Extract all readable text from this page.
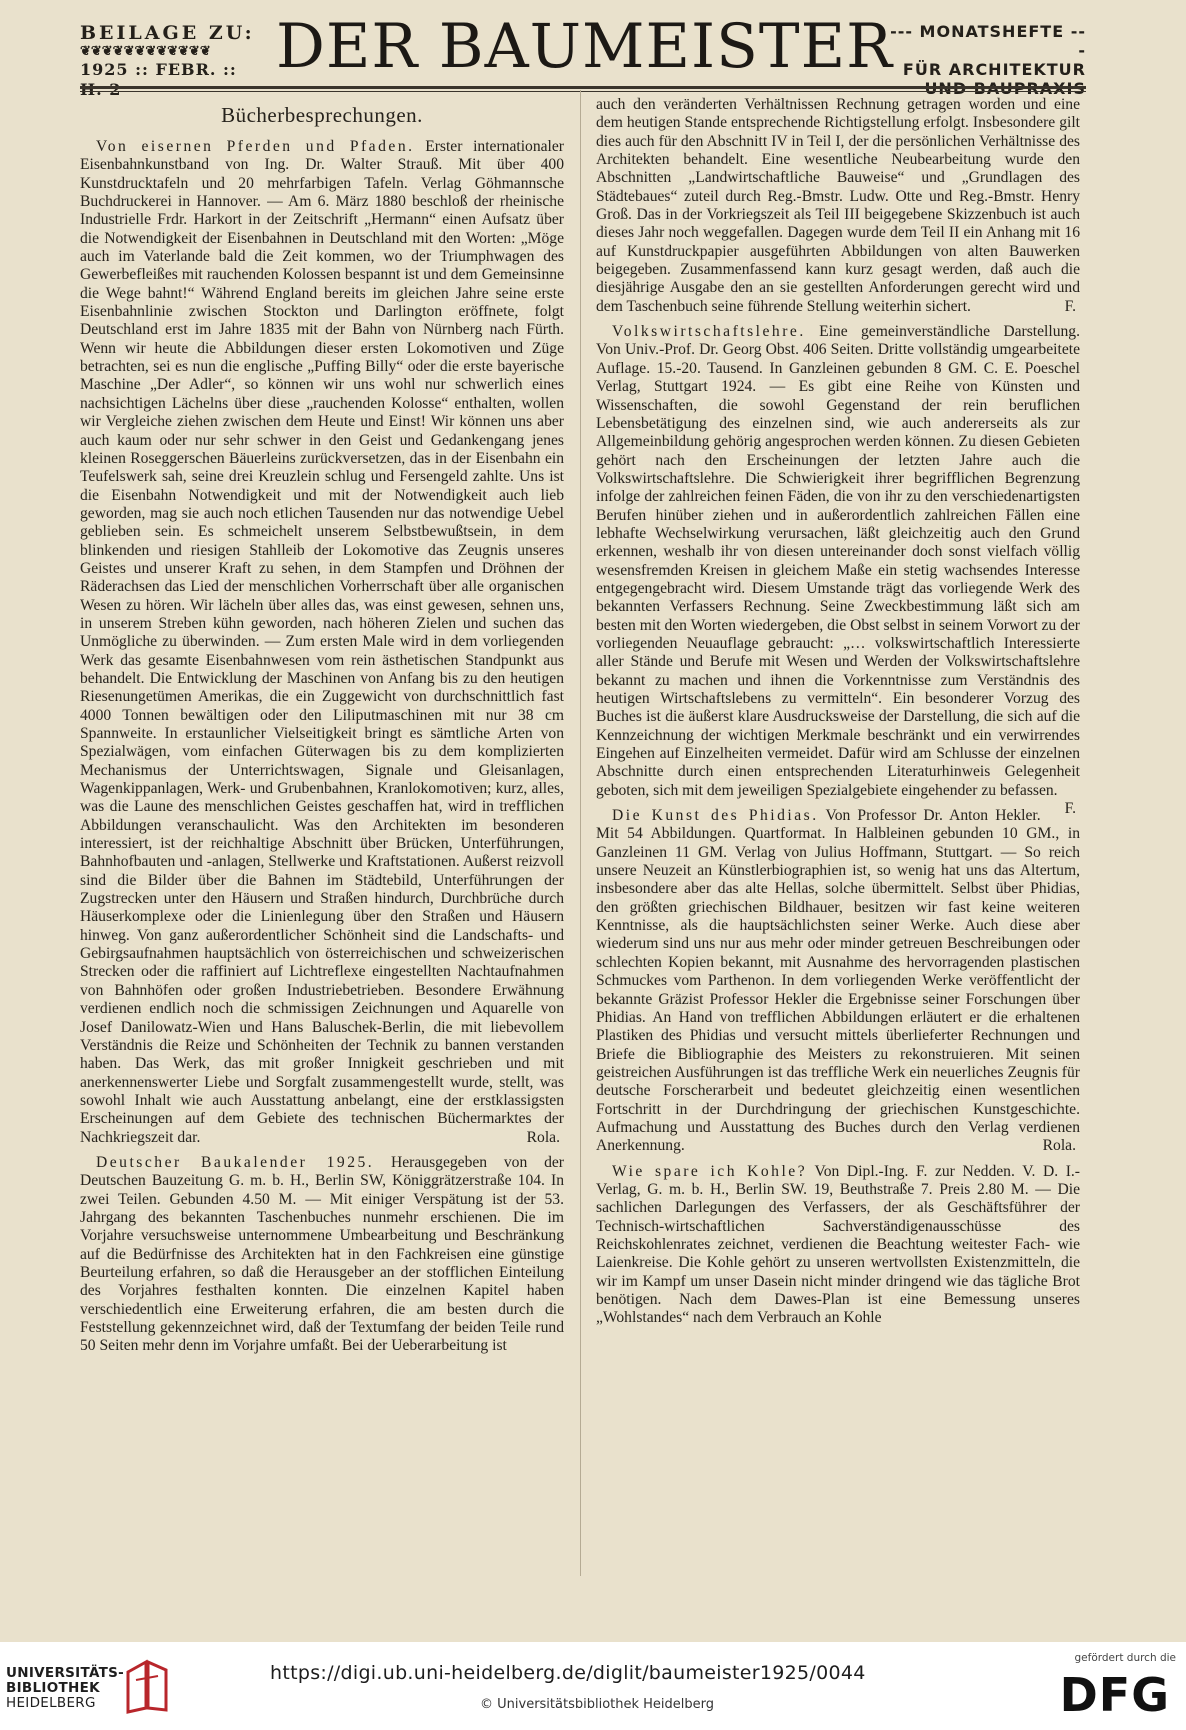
BEILAGE ZU:
❦❦❦❦❦❦❦❦❦❦❦❦
1925 :: FEBR. :: H. 2
DER BAUMEISTER
--- MONATSHEFTE ---
FÜR ARCHITEKTUR
UND BAUPRAXIS
Bücherbesprechungen.

Von eisernen Pferden und Pfaden. Erster internationaler Eisenbahnkunstband von Ing. Dr. Walter Strauß. Mit über 400 Kunstdrucktafeln und 20 mehrfarbigen Tafeln. Verlag Göhmannsche Buchdruckerei in Hannover. — Am 6. März 1880 beschloß der rheinische Industrielle Frdr. Harkort in der Zeitschrift „Hermann“ einen Aufsatz über die Notwendigkeit der Eisenbahnen in Deutschland mit den Worten: „Möge auch im Vaterlande bald die Zeit kommen, wo der Triumphwagen des Gewerbefleißes mit rauchenden Kolossen bespannt ist und dem Gemeinsinne die Wege bahnt!“ Während England bereits im gleichen Jahre seine erste Eisenbahnlinie zwischen Stockton und Darlington eröffnete, folgt Deutschland erst im Jahre 1835 mit der Bahn von Nürnberg nach Fürth. Wenn wir heute die Abbildungen dieser ersten Lokomotiven und Züge betrachten, sei es nun die englische „Puffing Billy“ oder die erste bayerische Maschine „Der Adler“, so können wir uns wohl nur schwerlich eines nachsichtigen Lächelns über diese „rauchenden Kolosse“ enthalten, wollen wir Vergleiche ziehen zwischen dem Heute und Einst! Wir können uns aber auch kaum oder nur sehr schwer in den Geist und Gedankengang jenes kleinen Roseggerschen Bäuerleins zurückversetzen, das in der Eisenbahn ein Teufelswerk sah, seine drei Kreuzlein schlug und Fersengeld zahlte. Uns ist die Eisenbahn Notwendigkeit und mit der Notwendigkeit auch lieb geworden, mag sie auch noch etlichen Tausenden nur das notwendige Uebel geblieben sein. Es schmeichelt unserem Selbstbewußtsein, in dem blinkenden und riesigen Stahlleib der Lokomotive das Zeugnis unseres Geistes und unserer Kraft zu sehen, in dem Stampfen und Dröhnen der Räderachsen das Lied der menschlichen Vorherrschaft über alle organischen Wesen zu hören. Wir lächeln über alles das, was einst gewesen, sehnen uns, in unserem Streben kühn geworden, nach höheren Zielen und suchen das Unmögliche zu überwinden. — Zum ersten Male wird in dem vorliegenden Werk das gesamte Eisenbahnwesen vom rein ästhetischen Standpunkt aus behandelt. Die Entwicklung der Maschinen von Anfang bis zu den heutigen Riesenungetümen Amerikas, die ein Zuggewicht von durchschnittlich fast 4000 Tonnen bewältigen oder den Liliputmaschinen mit nur 38 cm Spannweite. In erstaunlicher Vielseitigkeit bringt es sämtliche Arten von Spezialwägen, vom einfachen Güterwagen bis zu dem komplizierten Mechanismus der Unterrichtswagen, Signale und Gleisanlagen, Wagenkippanlagen, Werk- und Grubenbahnen, Kranlokomotiven; kurz, alles, was die Laune des menschlichen Geistes geschaffen hat, wird in trefflichen Abbildungen veranschaulicht. Was den Architekten im besonderen interessiert, ist der reichhaltige Abschnitt über Brücken, Unterführungen, Bahnhofbauten und -anlagen, Stellwerke und Kraftstationen. Außerst reizvoll sind die Bilder über die Bahnen im Städtebild, Unterführungen der Zugstrecken unter den Häusern und Straßen hindurch, Durchbrüche durch Häuserkomplexe oder die Linienlegung über den Straßen und Häusern hinweg. Von ganz außerordentlicher Schönheit sind die Landschafts- und Gebirgsaufnahmen hauptsächlich von österreichischen und schweizerischen Strecken oder die raffiniert auf Lichtreflexe eingestellten Nachtaufnahmen von Bahnhöfen oder großen Industriebetrieben. Besondere Erwähnung verdienen endlich noch die schmissigen Zeichnungen und Aquarelle von Josef Danilowatz-Wien und Hans Baluschek-Berlin, die mit liebevollem Verständnis die Reize und Schönheiten der Technik zu bannen verstanden haben. Das Werk, das mit großer Innigkeit geschrieben und mit anerkennenswerter Liebe und Sorgfalt zusammengestellt wurde, stellt, was sowohl Inhalt wie auch Ausstattung anbelangt, eine der erstklassigsten Erscheinungen auf dem Gebiete des technischen Büchermarktes der Nachkriegszeit dar.	Rola.

Deutscher Baukalender 1925. Herausgegeben von der Deutschen Bauzeitung G. m. b. H., Berlin SW, Königgrätzerstraße 104. In zwei Teilen. Gebunden 4.50 M. — Mit einiger Verspätung ist der 53. Jahrgang des bekannten Taschenbuches nunmehr erschienen. Die im Vorjahre versuchsweise unternommene Umbearbeitung und Beschränkung auf die Bedürfnisse des Architekten hat in den Fachkreisen eine günstige Beurteilung erfahren, so daß die Herausgeber an der stofflichen Einteilung des Vorjahres festhalten konnten. Die einzelnen Kapitel haben verschiedentlich eine Erweiterung erfahren, die am besten durch die Feststellung gekennzeichnet wird, daß der Textumfang der beiden Teile rund 50 Seiten mehr denn im Vorjahre umfaßt. Bei der Ueberarbeitung ist

auch den veränderten Verhältnissen Rechnung getragen worden und eine dem heutigen Stande entsprechende Richtigstellung erfolgt. Insbesondere gilt dies auch für den Abschnitt IV in Teil I, der die persönlichen Verhältnisse des Architekten behandelt. Eine wesentliche Neubearbeitung wurde den Abschnitten „Landwirtschaftliche Bauweise“ und „Grundlagen des Städtebaues“ zuteil durch Reg.-Bmstr. Ludw. Otte und Reg.-Bmstr. Henry Groß. Das in der Vorkriegszeit als Teil III beigegebene Skizzenbuch ist auch dieses Jahr noch weggefallen. Dagegen wurde dem Teil II ein Anhang mit 16 auf Kunstdruckpapier ausgeführten Abbildungen von alten Bauwerken beigegeben. Zusammenfassend kann kurz gesagt werden, daß auch die diesjährige Ausgabe den an sie gestellten Anforderungen gerecht wird und dem Taschenbuch seine führende Stellung weiterhin sichert.	F.

Volkswirtschaftslehre. Eine gemeinverständliche Darstellung. Von Univ.-Prof. Dr. Georg Obst. 406 Seiten. Dritte vollständig umgearbeitete Auflage. 15.-20. Tausend. In Ganzleinen gebunden 8 GM. C. E. Poeschel Verlag, Stuttgart 1924. — Es gibt eine Reihe von Künsten und Wissenschaften, die sowohl Gegenstand der rein beruflichen Lebensbetätigung des einzelnen sind, wie auch andererseits als zur Allgemeinbildung gehörig angesprochen werden können. Zu diesen Gebieten gehört nach den Erscheinungen der letzten Jahre auch die Volkswirtschaftslehre. Die Schwierigkeit ihrer begrifflichen Begrenzung infolge der zahlreichen feinen Fäden, die von ihr zu den verschiedenartigsten Berufen hinüber ziehen und in außerordentlich zahlreichen Fällen eine lebhafte Wechselwirkung verursachen, läßt gleichzeitig auch den Grund erkennen, weshalb ihr von diesen untereinander doch sonst vielfach völlig wesensfremden Kreisen in gleichem Maße ein stetig wachsendes Interesse entgegengebracht wird. Diesem Umstande trägt das vorliegende Werk des bekannten Verfassers Rechnung. Seine Zweckbestimmung läßt sich am besten mit den Worten wiedergeben, die Obst selbst in seinem Vorwort zu der vorliegenden Neuauflage gebraucht: „… volkswirtschaftlich Interessierte aller Stände und Berufe mit Wesen und Werden der Volkswirtschaftslehre bekannt zu machen und ihnen die Vorkenntnisse zum Verständnis des heutigen Wirtschaftslebens zu vermitteln“. Ein besonderer Vorzug des Buches ist die äußerst klare Ausdrucksweise der Darstellung, die sich auf die Kennzeichnung der wichtigen Merkmale beschränkt und ein verwirrendes Eingehen auf Einzelheiten vermeidet. Dafür wird am Schlusse der einzelnen Abschnitte durch einen entsprechenden Literaturhinweis Gelegenheit geboten, sich mit dem jeweiligen Spezialgebiete eingehender zu befassen.
F.

Die Kunst des Phidias. Von Professor Dr. Anton Hekler. Mit 54 Abbildungen. Quartformat. In Halbleinen gebunden 10 GM., in Ganzleinen 11 GM. Verlag von Julius Hoffmann, Stuttgart. — So reich unsere Neuzeit an Künstlerbiographien ist, so wenig hat uns das Altertum, insbesondere aber das alte Hellas, solche übermittelt. Selbst über Phidias, den größten griechischen Bildhauer, besitzen wir fast keine weiteren Kenntnisse, als die hauptsächlichsten seiner Werke. Auch diese aber wiederum sind uns nur aus mehr oder minder getreuen Beschreibungen oder schlechten Kopien bekannt, mit Ausnahme des hervorragenden plastischen Schmuckes vom Parthenon. In dem vorliegenden Werke veröffentlicht der bekannte Gräzist Professor Hekler die Ergebnisse seiner Forschungen über Phidias. An Hand von trefflichen Abbildungen erläutert er die erhaltenen Plastiken des Phidias und versucht mittels überlieferter Rechnungen und Briefe die Bibliographie des Meisters zu rekonstruieren. Mit seinen geistreichen Ausführungen ist das treffliche Werk ein neuerliches Zeugnis für deutsche Forscherarbeit und bedeutet gleichzeitig einen wesentlichen Fortschritt in der Durchdringung der griechischen Kunstgeschichte. Aufmachung und Ausstattung des Buches durch den Verlag verdienen Anerkennung.	Rola.

Wie spare ich Kohle? Von Dipl.-Ing. F. zur Nedden. V. D. I.-Verlag, G. m. b. H., Berlin SW. 19, Beuthstraße 7. Preis 2.80 M. — Die sachlichen Darlegungen des Verfassers, der als Geschäftsführer der Technisch-wirtschaftlichen Sachverständigenausschüsse des Reichskohlenrates zeichnet, verdienen die Beachtung weitester Fach- wie Laienkreise. Die Kohle gehört zu unseren wertvollsten Existenzmitteln, die wir im Kampf um unser Dasein nicht minder dringend wie das tägliche Brot benötigen. Nach dem Dawes-Plan ist eine Bemessung unseres „Wohlstandes“ nach dem Verbrauch an Kohle

UNIVERSITÄTS-
BIBLIOTHEK
HEIDELBERG
https://digi.ub.uni-heidelberg.de/diglit/baumeister1925/0044
© Universitätsbibliothek Heidelberg
gefördert durch die
DFG
